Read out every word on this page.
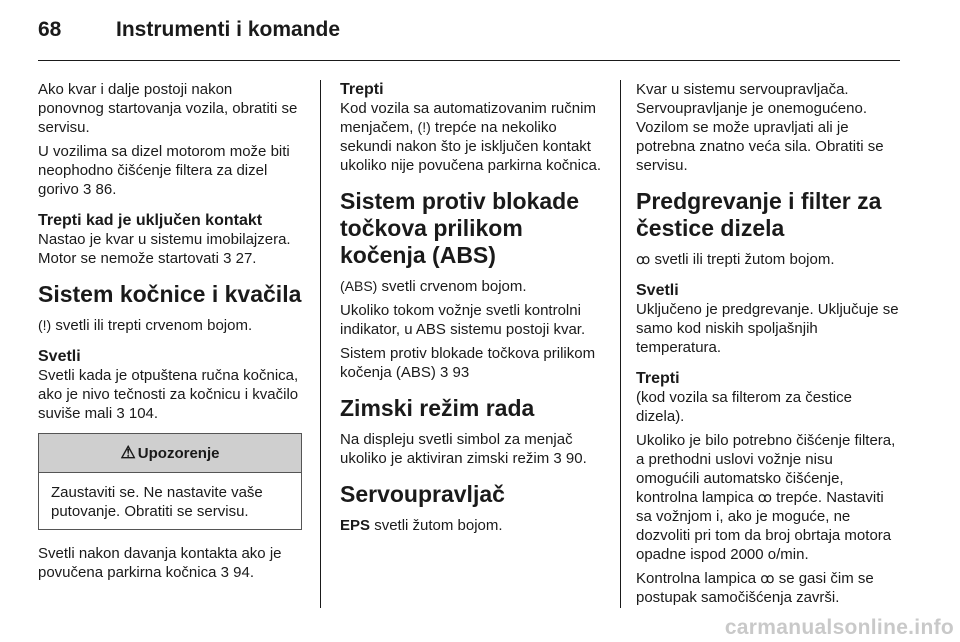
68	Instrumenti i komande

Ako kvar i dalje postoji nakon ponovnog startovanja vozila, obratiti se servisu.

U vozilima sa dizel motorom može biti neophodno čišćenje filtera za dizel gorivo 3 86.

Trepti kad je uključen kontakt

Nastao je kvar u sistemu imobilajzera. Motor se nemože startovati 3 27.

Sistem kočnice i kvačila

(!) svetli ili trepti crvenom bojom.

Svetli

Svetli kada je otpuštena ručna kočnica, ako je nivo tečnosti za kočnicu i kvačilo suviše mali 3 104.

⚠ Upozorenje

Zaustaviti se. Ne nastavite vaše putovanje. Obratiti se servisu.

Svetli nakon davanja kontakta ako je povučena parkirna kočnica 3 94.

Trepti

Kod vozila sa automatizovanim ručnim menjačem, (!) trepće na nekoliko sekundi nakon što je isključen kontakt ukoliko nije povučena parkirna kočnica.

Sistem protiv blokade točkova prilikom kočenja (ABS)

(ABS) svetli crvenom bojom.

Ukoliko tokom vožnje svetli kontrolni indikator, u ABS sistemu postoji kvar.

Sistem protiv blokade točkova prilikom kočenja (ABS) 3 93

Zimski režim rada

Na displeju svetli simbol za menjač ukoliko je aktiviran zimski režim 3 90.

Servoupravljač

EPS svetli žutom bojom.

Kvar u sistemu servoupravljača. Servoupravljanje je onemogućeno. Vozilom se može upravljati ali je potrebna znatno veća sila. Obratiti se servisu.

Predgrevanje i filter za čestice dizela

ꝏ svetli ili trepti žutom bojom.

Svetli

Uključeno je predgrevanje. Uključuje se samo kod niskih spoljašnjih temperatura.

Trepti

(kod vozila sa filterom za čestice dizela).

Ukoliko je bilo potrebno čišćenje filtera, a prethodni uslovi vožnje nisu omogućili automatsko čišćenje, kontrolna lampica ꝏ trepće. Nastaviti sa vožnjom i, ako je moguće, ne dozvoliti pri tom da broj obrtaja motora opadne ispod 2000 o/min.

Kontrolna lampica ꝏ se gasi čim se postupak samočišćenja završi.

carmanualsonline.info
